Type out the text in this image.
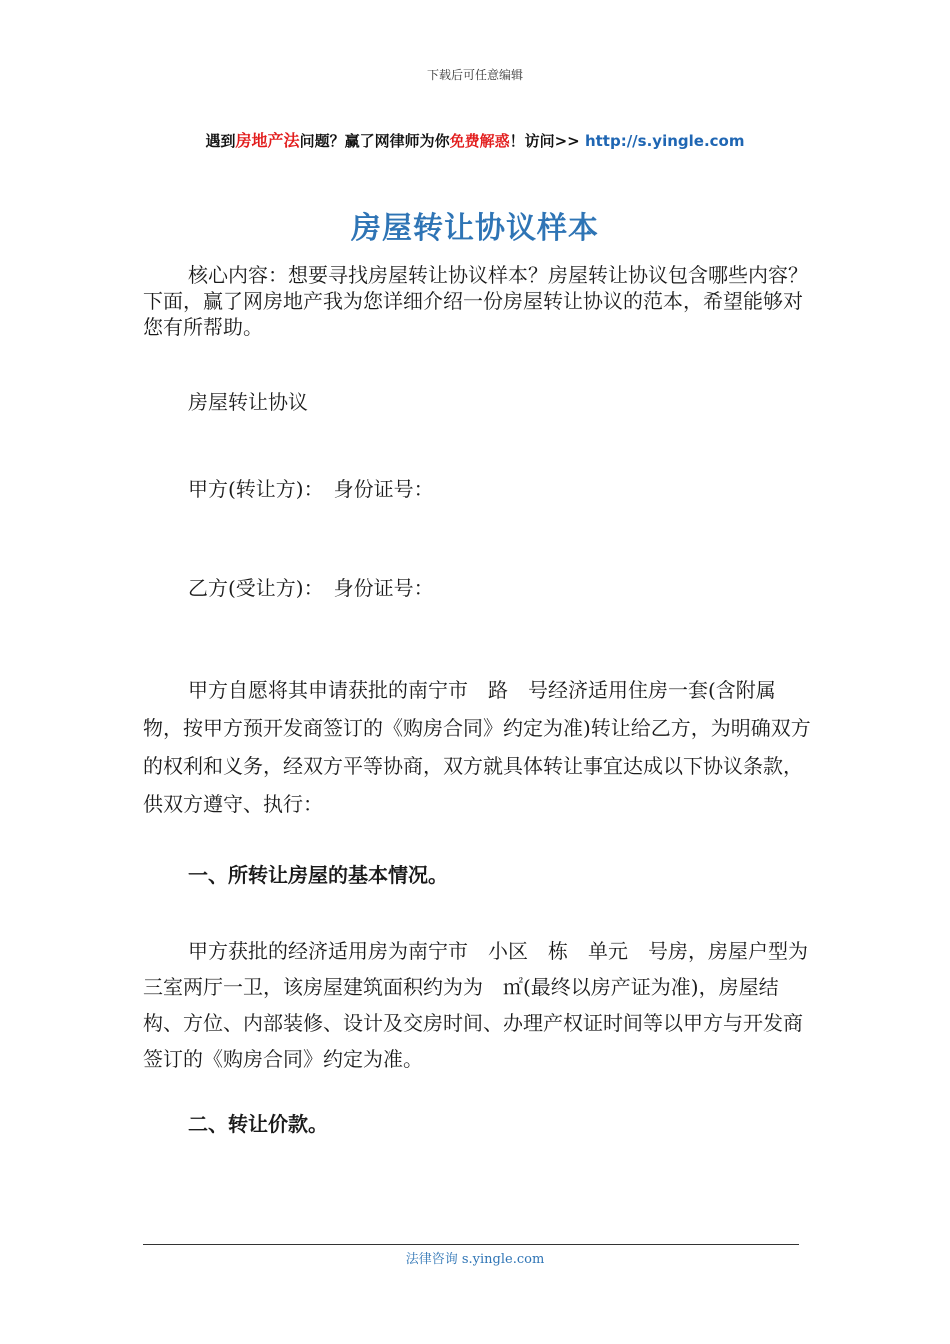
下载后可任意编辑
遇到房地产法问题？赢了网律师为你免费解惑！访问>> http://s.yingle.com
房屋转让协议样本

核心内容：想要寻找房屋转让协议样本？房屋转让协议包含哪些内容？下面，赢了网房地产我为您详细介绍一份房屋转让协议的范本，希望能够对您有所帮助。

房屋转让协议

甲方(转让方)：　身份证号：

乙方(受让方)：　身份证号：

甲方自愿将其申请获批的南宁市　路　号经济适用住房一套(含附属物，按甲方预开发商签订的《购房合同》约定为准)转让给乙方，为明确双方的权利和义务，经双方平等协商，双方就具体转让事宜达成以下协议条款，供双方遵守、执行：

一、所转让房屋的基本情况。

甲方获批的经济适用房为南宁市　小区　栋　单元　号房，房屋户型为三室两厅一卫，该房屋建筑面积约为为　㎡(最终以房产证为准)，房屋结构、方位、内部装修、设计及交房时间、办理产权证时间等以甲方与开发商签订的《购房合同》约定为准。

二、转让价款。

法律咨询 s.yingle.com
